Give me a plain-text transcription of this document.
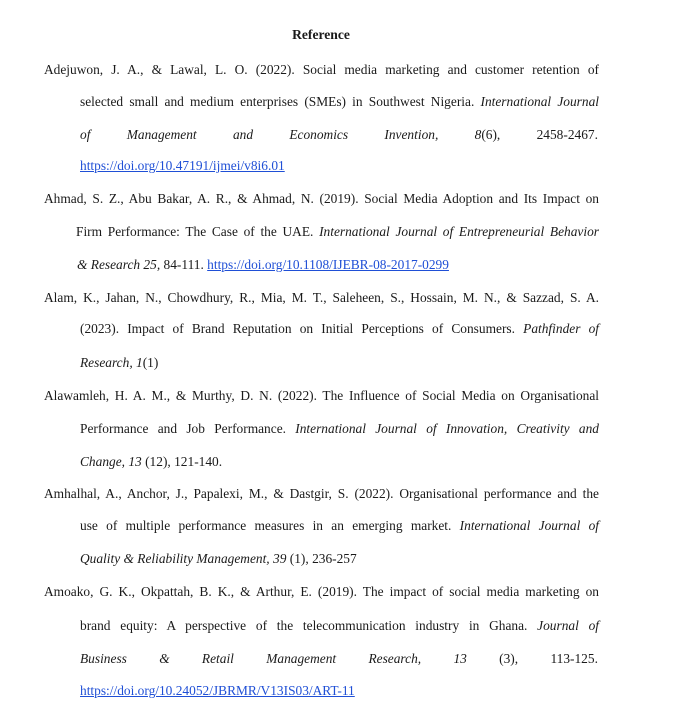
Reference
Adejuwon, J. A., & Lawal, L. O. (2022). Social media marketing and customer retention of
selected small and medium enterprises (SMEs) in Southwest Nigeria. International Journal
of	Management	and	Economics	Invention,	8(6),	2458-2467.
https://doi.org/10.47191/ijmei/v8i6.01
Ahmad, S. Z., Abu Bakar, A. R., & Ahmad, N. (2019). Social Media Adoption and Its Impact on
Firm Performance: The Case of the UAE. International Journal of Entrepreneurial Behavior
& Research 25, 84-111. https://doi.org/10.1108/IJEBR-08-2017-0299
Alam, K., Jahan, N., Chowdhury, R., Mia, M. T., Saleheen, S., Hossain, M. N., & Sazzad, S. A.
(2023). Impact of Brand Reputation on Initial Perceptions of Consumers. Pathfinder of
Research, 1(1)
Alawamleh, H. A. M., & Murthy, D. N. (2022). The Influence of Social Media on Organisational
Performance and Job Performance. International Journal of Innovation, Creativity and
Change, 13 (12), 121-140.
Amhalhal, A., Anchor, J., Papalexi, M., & Dastgir, S. (2022). Organisational performance and the
use of multiple performance measures in an emerging market. International Journal of
Quality & Reliability Management, 39 (1), 236-257
Amoako, G. K., Okpattah, B. K., & Arthur, E. (2019). The impact of social media marketing on
brand equity: A perspective of the telecommunication industry in Ghana. Journal of
Business & Retail Management Research, 13 (3), 113-125.
https://doi.org/10.24052/JBRMR/V13IS03/ART-11
